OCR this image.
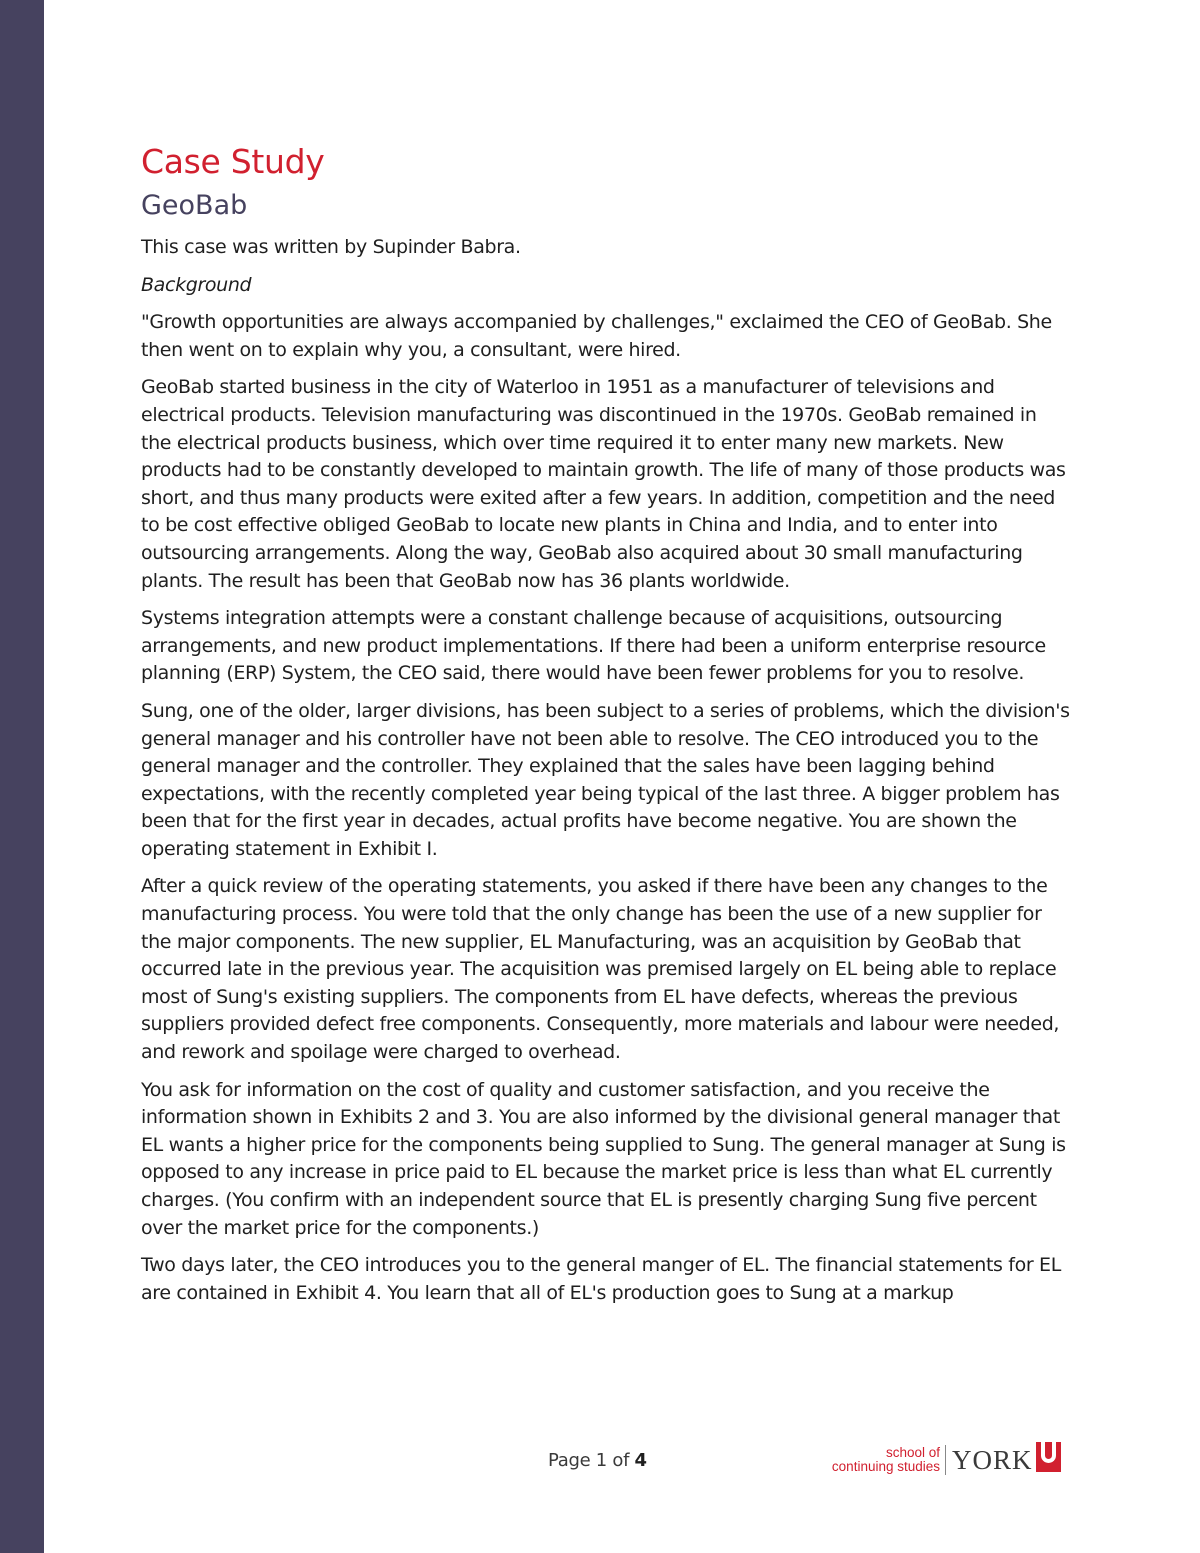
Case Study
GeoBab

This case was written by Supinder Babra.

Background

"Growth opportunities are always accompanied by challenges," exclaimed the CEO of GeoBab. She then went on to explain why you, a consultant, were hired.

GeoBab started business in the city of Waterloo in 1951 as a manufacturer of televisions and electrical products. Television manufacturing was discontinued in the 1970s. GeoBab remained in the electrical products business, which over time required it to enter many new markets. New products had to be constantly developed to maintain growth. The life of many of those products was short, and thus many products were exited after a few years. In addition, competition and the need to be cost effective obliged GeoBab to locate new plants in China and India, and to enter into outsourcing arrangements. Along the way, GeoBab also acquired about 30 small manufacturing plants. The result has been that GeoBab now has 36 plants worldwide.

Systems integration attempts were a constant challenge because of acquisitions, outsourcing arrangements, and new product implementations. If there had been a uniform enterprise resource planning (ERP) System, the CEO said, there would have been fewer problems for you to resolve.

Sung, one of the older, larger divisions, has been subject to a series of problems, which the division's general manager and his controller have not been able to resolve. The CEO introduced you to the general manager and the controller. They explained that the sales have been lagging behind expectations, with the recently completed year being typical of the last three. A bigger problem has been that for the first year in decades, actual profits have become negative. You are shown the operating statement in Exhibit I.

After a quick review of the operating statements, you asked if there have been any changes to the manufacturing process. You were told that the only change has been the use of a new supplier for the major components. The new supplier, EL Manufacturing, was an acquisition by GeoBab that occurred late in the previous year. The acquisition was premised largely on EL being able to replace most of Sung's existing suppliers. The components from EL have defects, whereas the previous suppliers provided defect free components. Consequently, more materials and labour were needed, and rework and spoilage were charged to overhead.

You ask for information on the cost of quality and customer satisfaction, and you receive the information shown in Exhibits 2 and 3. You are also informed by the divisional general manager that EL wants a higher price for the components being supplied to Sung. The general manager at Sung is opposed to any increase in price paid to EL because the market price is less than what EL currently charges. (You confirm with an independent source that EL is presently charging Sung five percent over the market price for the components.)

Two days later, the CEO introduces you to the general manger of EL. The financial statements for EL are contained in Exhibit 4. You learn that all of EL's production goes to Sung at a markup

Page 1 of 4	school of
continuing studies YORK
